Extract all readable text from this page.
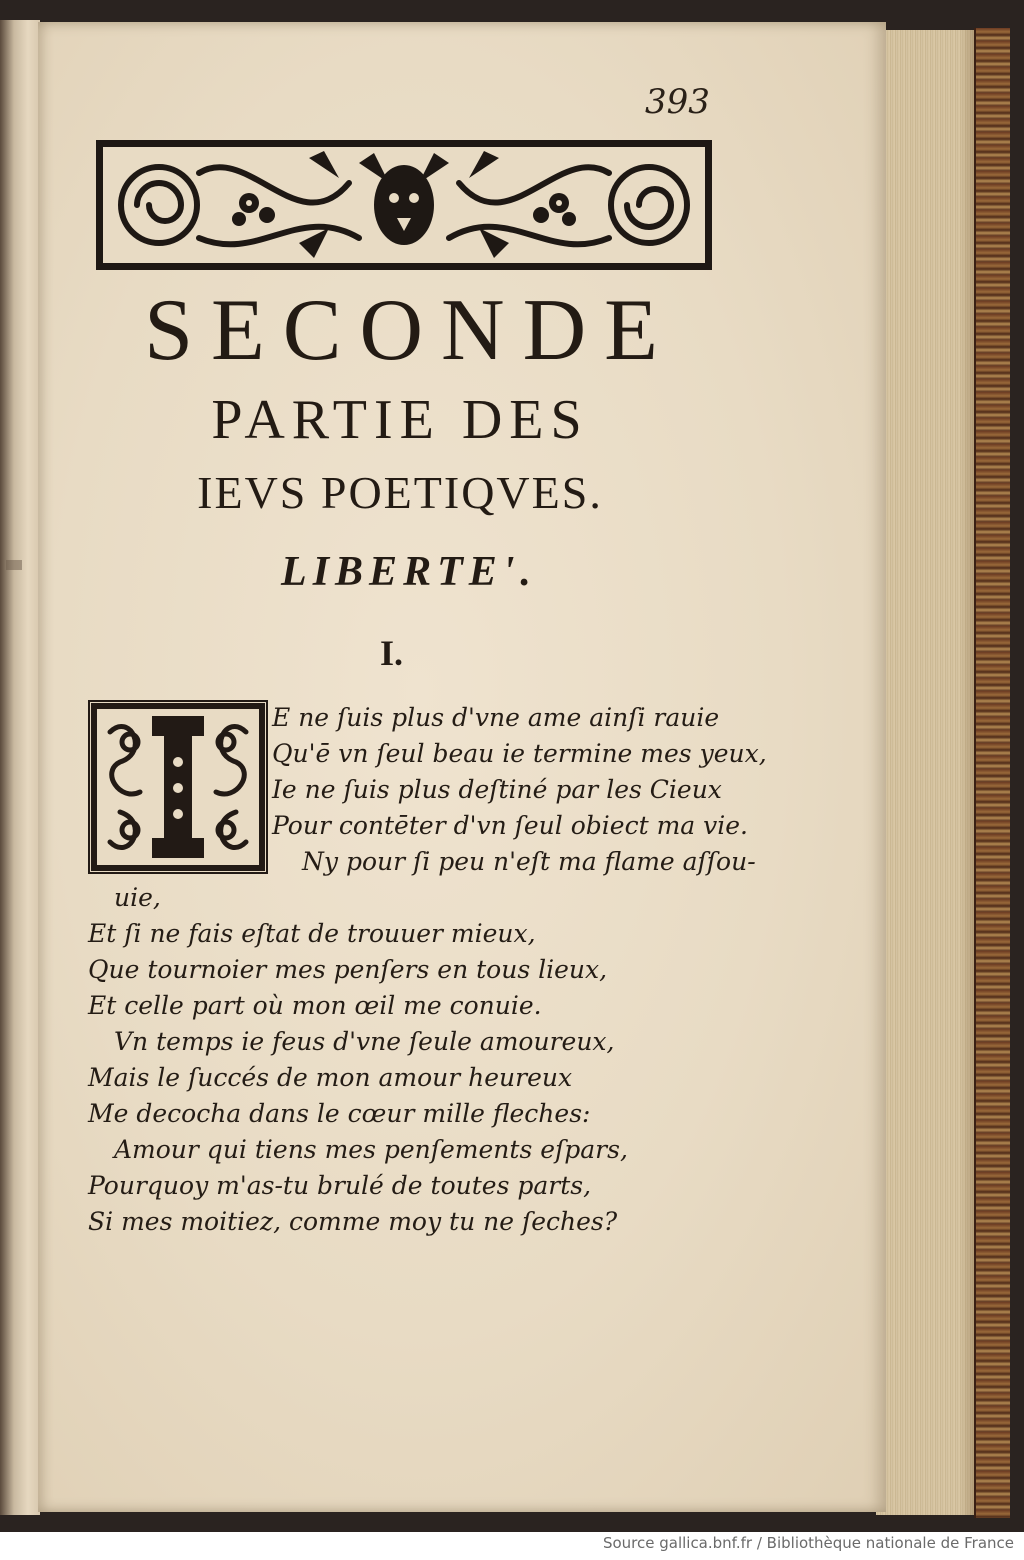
393
SECONDE
PARTIE DES
IEVS POETIQVES.
LIBERTE'.
I.
E ne ſuis plus d'vne ame ainſi rauie
Qu'ē vn ſeul beau ie termine mes yeux,
Ie ne ſuis plus deſtiné par les Cieux
Pour contēter d'vn ſeul obiect ma vie.
Ny pour ſi peu n'eſt ma flame aſſou-
uie,
Et ſi ne fais eſtat de trouuer mieux,
Que tournoier mes penſers en tous lieux,
Et celle part où mon œil me conuie.
Vn temps ie feus d'vne ſeule amoureux,
Mais le ſuccés de mon amour heureux
Me decocha dans le cœur mille fleches:
Amour qui tiens mes penſements eſpars,
Pourquoy m'as-tu brulé de toutes parts,
Si mes moitiez, comme moy tu ne ſeches?
Source gallica.bnf.fr / Bibliothèque nationale de France
